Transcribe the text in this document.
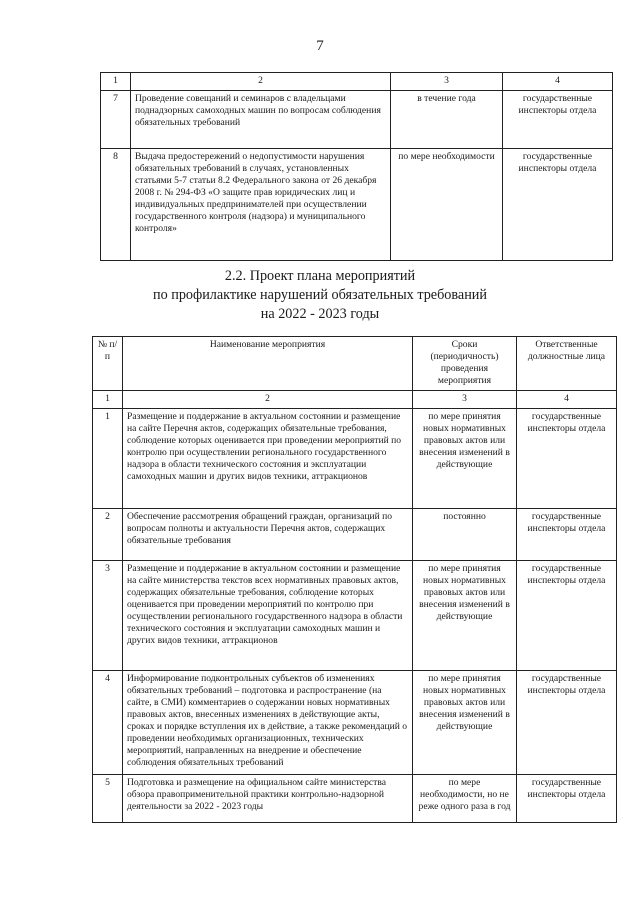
7
1	2	3	4
7	Проведение совещаний и семинаров с владельцами поднадзорных самоходных машин по вопросам соблюдения обязательных требований	в течение года	государственные инспекторы отдела
8	Выдача предостережений о недопустимости нарушения обязательных требований в случаях, установленных статьями 5-7 статьи 8.2 Федерального закона от 26 декабря 2008 г. № 294-ФЗ «О защите прав юридических лиц и индивидуальных предпринимателей при осуществлении государственного контроля (надзора) и муниципального контроля»	по мере необходимости	государственные инспекторы отдела
2.2. Проект плана мероприятий
по профилактике нарушений обязательных требований
на 2022 - 2023 годы
№ п/п	Наименование мероприятия	Сроки (периодичность) проведения мероприятия	Ответственные должностные лица
1	2	3	4
1	Размещение и поддержание в актуальном состоянии и размещение на сайте Перечня актов, содержащих обязательные требования, соблюдение которых оценивается при проведении мероприятий по контролю при осуществлении регионального государственного надзора в области технического состояния и эксплуатации самоходных машин и других видов техники, аттракционов	по мере принятия новых нормативных правовых актов или внесения изменений в действующие	государственные инспекторы отдела
2	Обеспечение рассмотрения обращений граждан, организаций по вопросам полноты и актуальности Перечня актов, содержащих обязательные требования	постоянно	государственные инспекторы отдела
3	Размещение и поддержание в актуальном состоянии и размещение на сайте министерства текстов всех нормативных правовых актов, содержащих обязательные требования, соблюдение которых оценивается при проведении мероприятий по контролю при осуществлении регионального государственного надзора в области технического состояния и эксплуатации самоходных машин и других видов техники, аттракционов	по мере принятия новых нормативных правовых актов или внесения изменений в действующие	государственные инспекторы отдела
4	Информирование подконтрольных субъектов об изменениях обязательных требований – подготовка и распространение (на сайте, в СМИ) комментариев о содержании новых нормативных правовых актов, внесенных изменениях в действующие акты, сроках и порядке вступления их в действие, а также рекомендаций о проведении необходимых организационных, технических мероприятий, направленных на внедрение и обеспечение соблюдения обязательных требований	по мере принятия новых нормативных правовых актов или внесения изменений в действующие	государственные инспекторы отдела
5	Подготовка и размещение на официальном сайте министерства обзора правоприменительной практики контрольно-надзорной деятельности за 2022 - 2023 годы	по мере необходимости, но не реже одного раза в год	государственные инспекторы отдела
